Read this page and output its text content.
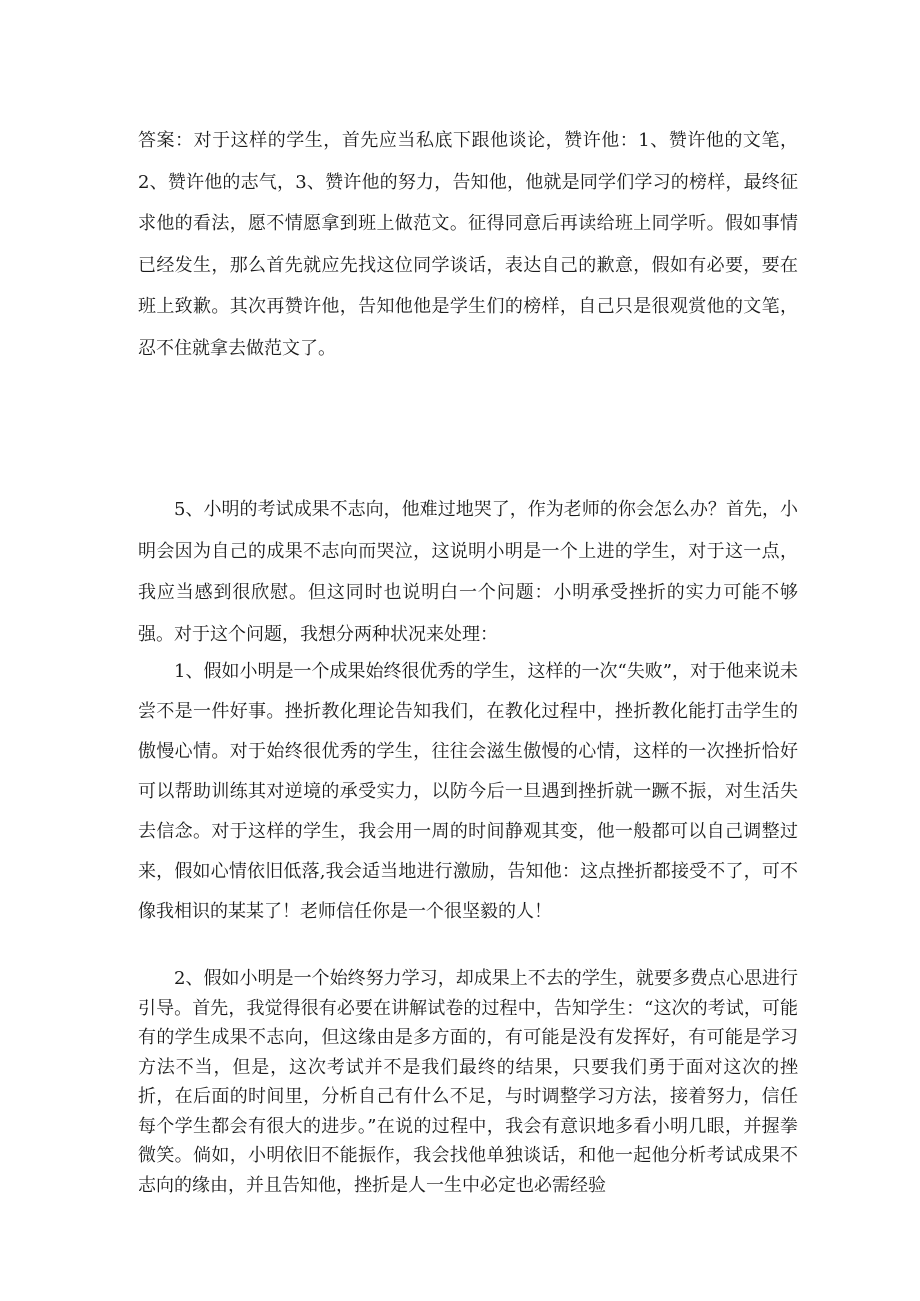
答案：对于这样的学生，首先应当私底下跟他谈论，赞许他：1、赞许他的文笔，2、赞许他的志气，3、赞许他的努力，告知他，他就是同学们学习的榜样，最终征求他的看法，愿不情愿拿到班上做范文。征得同意后再读给班上同学听。假如事情已经发生，那么首先就应先找这位同学谈话，表达自己的歉意，假如有必要，要在班上致歉。其次再赞许他，告知他他是学生们的榜样，自己只是很观赏他的文笔，忍不住就拿去做范文了。

5、小明的考试成果不志向，他难过地哭了，作为老师的你会怎么办？首先，小明会因为自己的成果不志向而哭泣，这说明小明是一个上进的学生，对于这一点，我应当感到很欣慰。但这同时也说明白一个问题：小明承受挫折的实力可能不够强。对于这个问题，我想分两种状况来处理：

1、假如小明是一个成果始终很优秀的学生，这样的一次“失败”，对于他来说未尝不是一件好事。挫折教化理论告知我们，在教化过程中，挫折教化能打击学生的傲慢心情。对于始终很优秀的学生，往往会滋生傲慢的心情，这样的一次挫折恰好可以帮助训练其对逆境的承受实力，以防今后一旦遇到挫折就一蹶不振，对生活失去信念。对于这样的学生，我会用一周的时间静观其变，他一般都可以自己调整过来，假如心情依旧低落,我会适当地进行激励，告知他：这点挫折都接受不了，可不像我相识的某某了！老师信任你是一个很坚毅的人！

2、假如小明是一个始终努力学习，却成果上不去的学生，就要多费点心思进行引导。首先，我觉得很有必要在讲解试卷的过程中，告知学生：“这次的考试，可能有的学生成果不志向，但这缘由是多方面的，有可能是没有发挥好，有可能是学习方法不当，但是，这次考试并不是我们最终的结果，只要我们勇于面对这次的挫折，在后面的时间里，分析自己有什么不足，与时调整学习方法，接着努力，信任每个学生都会有很大的进步。”在说的过程中，我会有意识地多看小明几眼，并握拳微笑。倘如，小明依旧不能振作，我会找他单独谈话，和他一起他分析考试成果不志向的缘由，并且告知他，挫折是人一生中必定也必需经验
